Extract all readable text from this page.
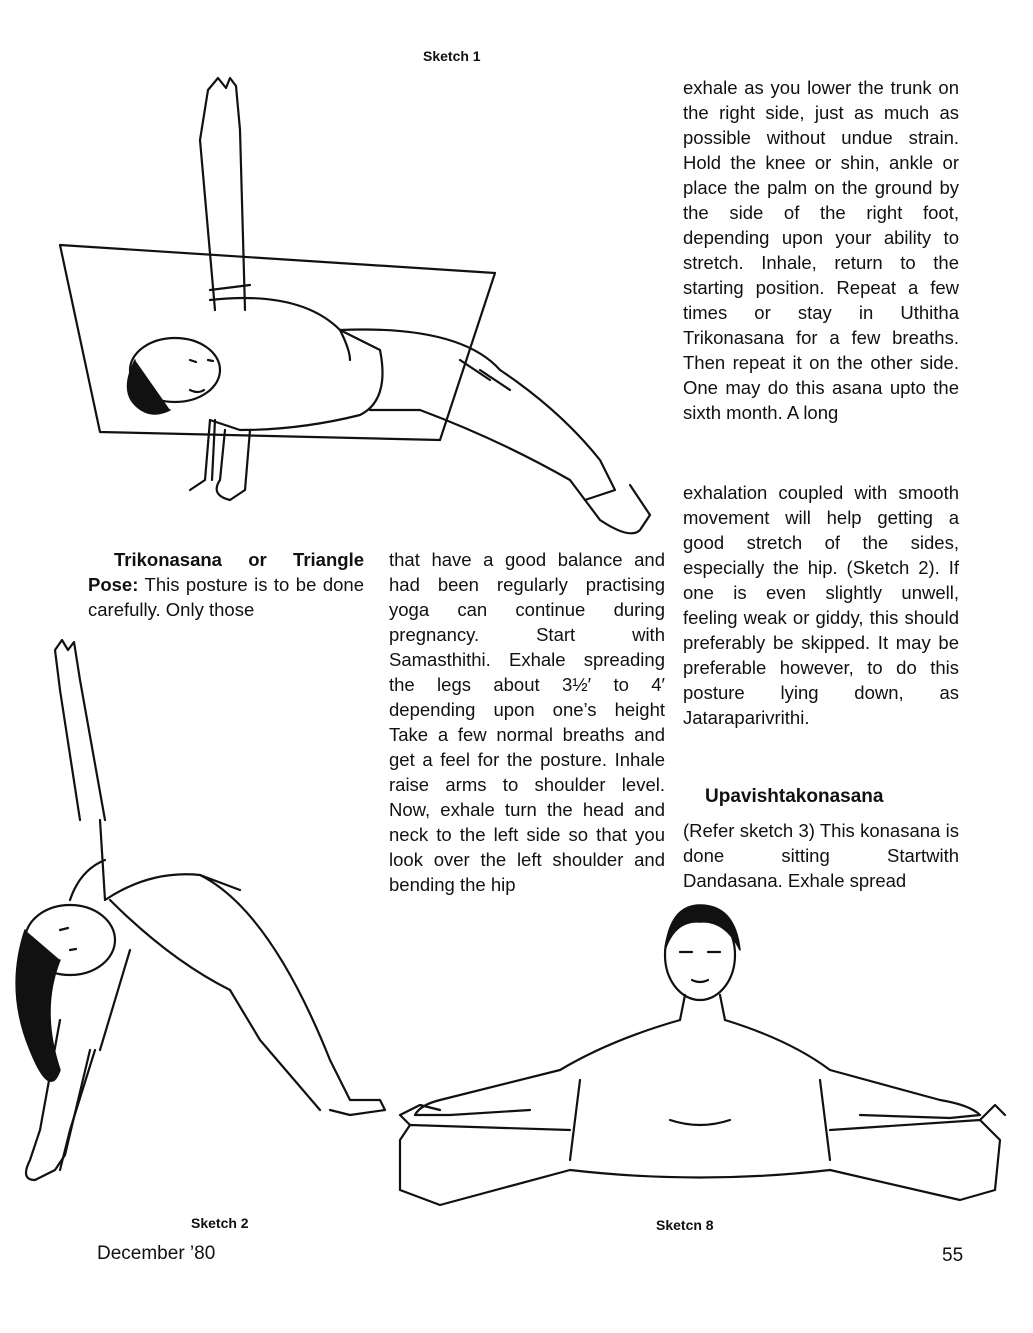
Sketch 1
Sketch 2	Sketcn 8

Trikonasana or Triangle Pose: This posture is to be done carefully. Only those

that have a good balance and had been regularly practising yoga can continue during pregnancy. Start with Samasthithi. Exhale spreading the legs about 3½′ to 4′ depending upon one’s height Take a few normal breaths and get a feel for the posture. Inhale raise arms to shoulder level. Now, exhale turn the head and neck to the left side so that you look over the left shoulder and bending the hip

exhale as you lower the trunk on the right side, just as much as possible without undue strain. Hold the knee or shin, ankle or place the palm on the ground by the side of the right foot, depending upon your ability to stretch. Inhale, return to the starting position. Repeat a few times or stay in Uthitha Trikonasana for a few breaths. Then repeat it on the other side. One may do this asana upto the sixth month. A long

exhalation coupled with smooth movement will help getting a good stretch of the sides, especially the hip. (Sketch 2). If one is even slightly unwell, feeling weak or giddy, this should preferably be skipped. It may be preferable however, to do this posture lying down, as Jataraparivrithi.

Upavishtakonasana

(Refer sketch 3) This konasana is done sitting Startwith Dandasana. Exhale spread

December ’80	55
